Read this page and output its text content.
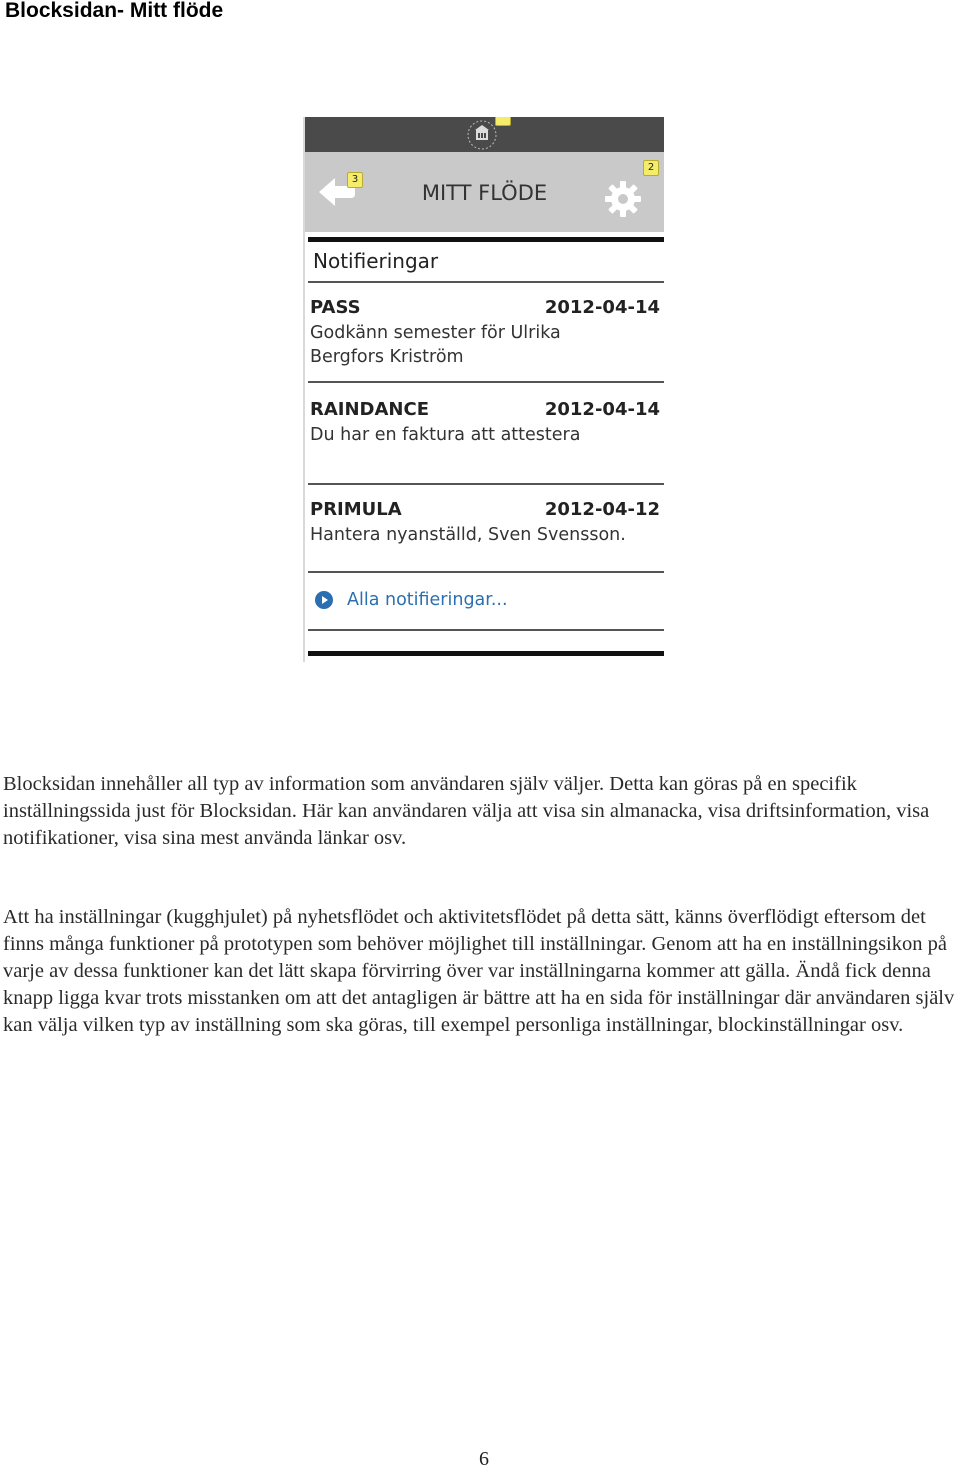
Blocksidan- Mitt flöde
3
MITT FLÖDE
2
Notifieringar
PASS	2012-04-14
Godkänn semester för Ulrika Bergfors Kriström
RAINDANCE	2012-04-14
Du har en faktura att attestera
PRIMULA	2012-04-12
Hantera nyanställd, Sven Svensson.
Alla notifieringar...

Blocksidan innehåller all typ av information som användaren själv väljer. Detta kan göras på en specifik inställningssida just för Blocksidan. Här kan användaren välja att visa sin almanacka, visa driftsinformation, visa notifikationer, visa sina mest använda länkar osv.

Att ha inställningar (kugghjulet) på nyhetsflödet och aktivitetsflödet på detta sätt, känns överflödigt eftersom det finns många funktioner på prototypen som behöver möjlighet till inställningar. Genom att ha en inställningsikon på varje av dessa funktioner kan det lätt skapa förvirring över var inställningarna kommer att gälla. Ändå fick denna knapp ligga kvar trots misstanken om att det antagligen är bättre att ha en sida för inställningar där användaren själv kan välja vilken typ av inställning som ska göras, till exempel personliga inställningar, blockinställningar osv.

6
